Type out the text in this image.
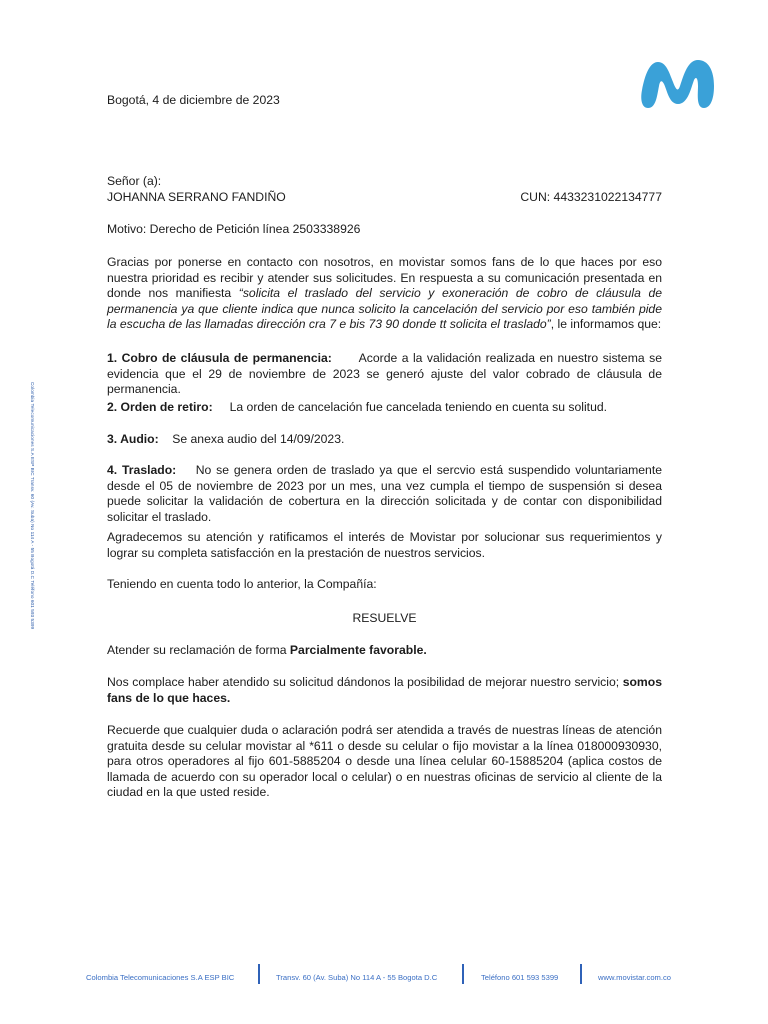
Colombia Telecomunicaciones S.A ESP BIC Transv. 60 (Av. Suba) No 114 A - 55 Bogotá D.C Teléfono 601 593 5399
Bogotá, 4 de diciembre de 2023
Señor (a):
JOHANNA SERRANO FANDIÑO	CUN: 4433231022134777
Motivo: Derecho de Petición línea 2503338926
Gracias por ponerse en contacto con nosotros, en movistar somos fans de lo que haces por eso nuestra prioridad es recibir y atender sus solicitudes. En respuesta a su comunicación presentada en donde nos manifiesta “solicita el traslado del servicio y exoneración de cobro de cláusula de permanencia ya que cliente indica que nunca solicito la cancelación del servicio por eso también pide la escucha de las llamadas dirección cra 7 e bis 73 90 donde tt solicita el traslado”, le informamos que:
1. Cobro de cláusula de permanencia: Acorde a la validación realizada en nuestro sistema se evidencia que el 29 de noviembre de 2023 se generó ajuste del valor cobrado de cláusula de permanencia.
2. Orden de retiro: La orden de cancelación fue cancelada teniendo en cuenta su solitud.
3. Audio: Se anexa audio del 14/09/2023.
4. Traslado: No se genera orden de traslado ya que el sercvio está suspendido voluntariamente desde el 05 de noviembre de 2023 por un mes, una vez cumpla el tiempo de suspensión si desea puede solicitar la validación de cobertura en la dirección solicitada y de contar con disponibilidad solicitar el traslado.
Agradecemos su atención y ratificamos el interés de Movistar por solucionar sus requerimientos y lograr su completa satisfacción en la prestación de nuestros servicios.
Teniendo en cuenta todo lo anterior, la Compañía:
RESUELVE
Atender su reclamación de forma Parcialmente favorable.
Nos complace haber atendido su solicitud dándonos la posibilidad de mejorar nuestro servicio; somos fans de lo que haces.
Recuerde que cualquier duda o aclaración podrá ser atendida a través de nuestras líneas de atención gratuita desde su celular movistar al *611 o desde su celular o fijo movistar a la línea 018000930930, para otros operadores al fijo 601-5885204 o desde una línea celular 60-15885204 (aplica costos de llamada de acuerdo con su operador local o celular) o en nuestras oficinas de servicio al cliente de la ciudad en la que usted reside.
Colombia Telecomunicaciones S.A ESP BIC	Transv. 60 (Av. Suba) No 114 A - 55 Bogota D.C	Teléfono 601 593 5399	www.movistar.com.co
